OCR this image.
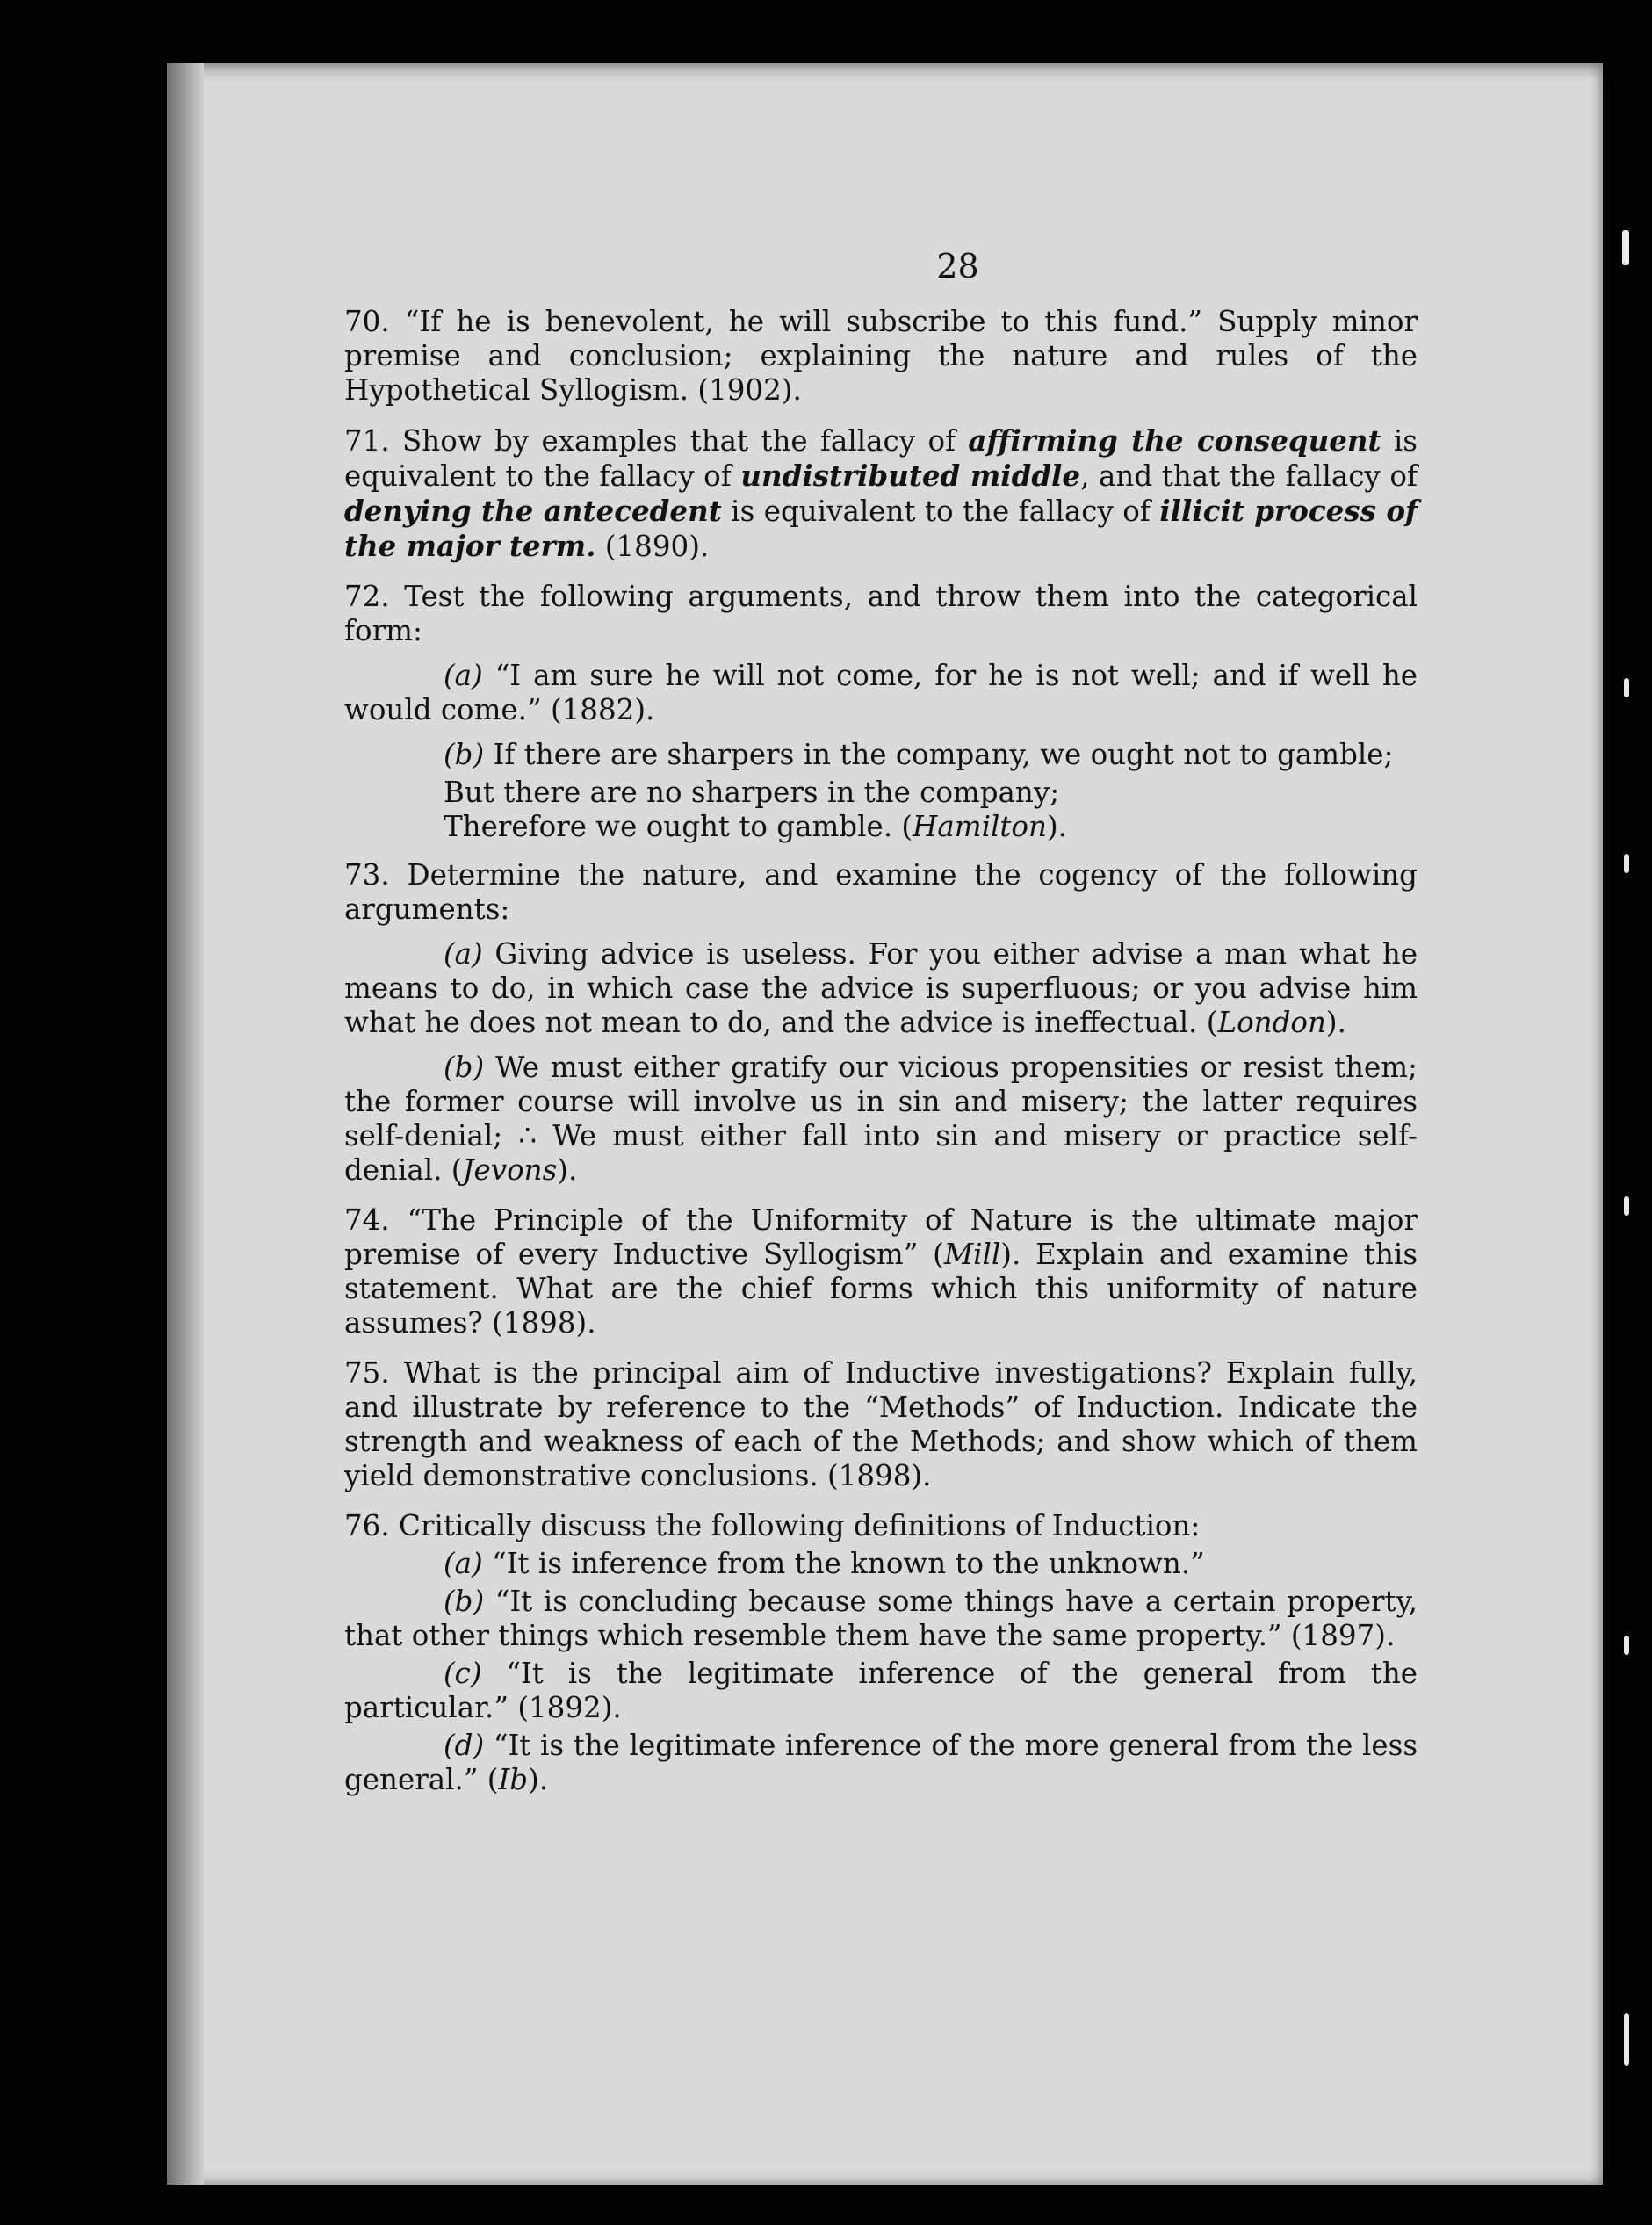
28

70. “If he is benevolent, he will subscribe to this fund.” Supply minor premise and conclusion; explaining the nature and rules of the Hypothetical Syllogism. (1902).

71. Show by examples that the fallacy of affirming the consequent is equivalent to the fallacy of undistributed middle, and that the fallacy of denying the antecedent is equivalent to the fallacy of illicit process of the major term. (1890).

72. Test the following arguments, and throw them into the categorical form:

(a) “I am sure he will not come, for he is not well; and if well he would come.” (1882).

(b) If there are sharpers in the company, we ought not to gamble;

But there are no sharpers in the company;
Therefore we ought to gamble. (Hamilton).

73. Determine the nature, and examine the cogency of the following arguments:

(a) Giving advice is useless. For you either advise a man what he means to do, in which case the advice is superfluous; or you advise him what he does not mean to do, and the advice is ineffectual. (London).

(b) We must either gratify our vicious propensities or resist them; the former course will involve us in sin and misery; the latter requires self-denial; ∴ We must either fall into sin and misery or practice self-denial. (Jevons).

74. “The Principle of the Uniformity of Nature is the ultimate major premise of every Inductive Syllogism” (Mill). Explain and examine this statement. What are the chief forms which this uniformity of nature assumes? (1898).

75. What is the principal aim of Inductive investigations? Explain fully, and illustrate by reference to the “Methods” of Induction. Indicate the strength and weakness of each of the Methods; and show which of them yield demonstrative conclusions. (1898).

76. Critically discuss the following definitions of Induction:

(a) “It is inference from the known to the unknown.”

(b) “It is concluding because some things have a certain property, that other things which resemble them have the same property.” (1897).

(c) “It is the legitimate inference of the general from the particular.” (1892).

(d) “It is the legitimate inference of the more general from the less general.” (Ib).
